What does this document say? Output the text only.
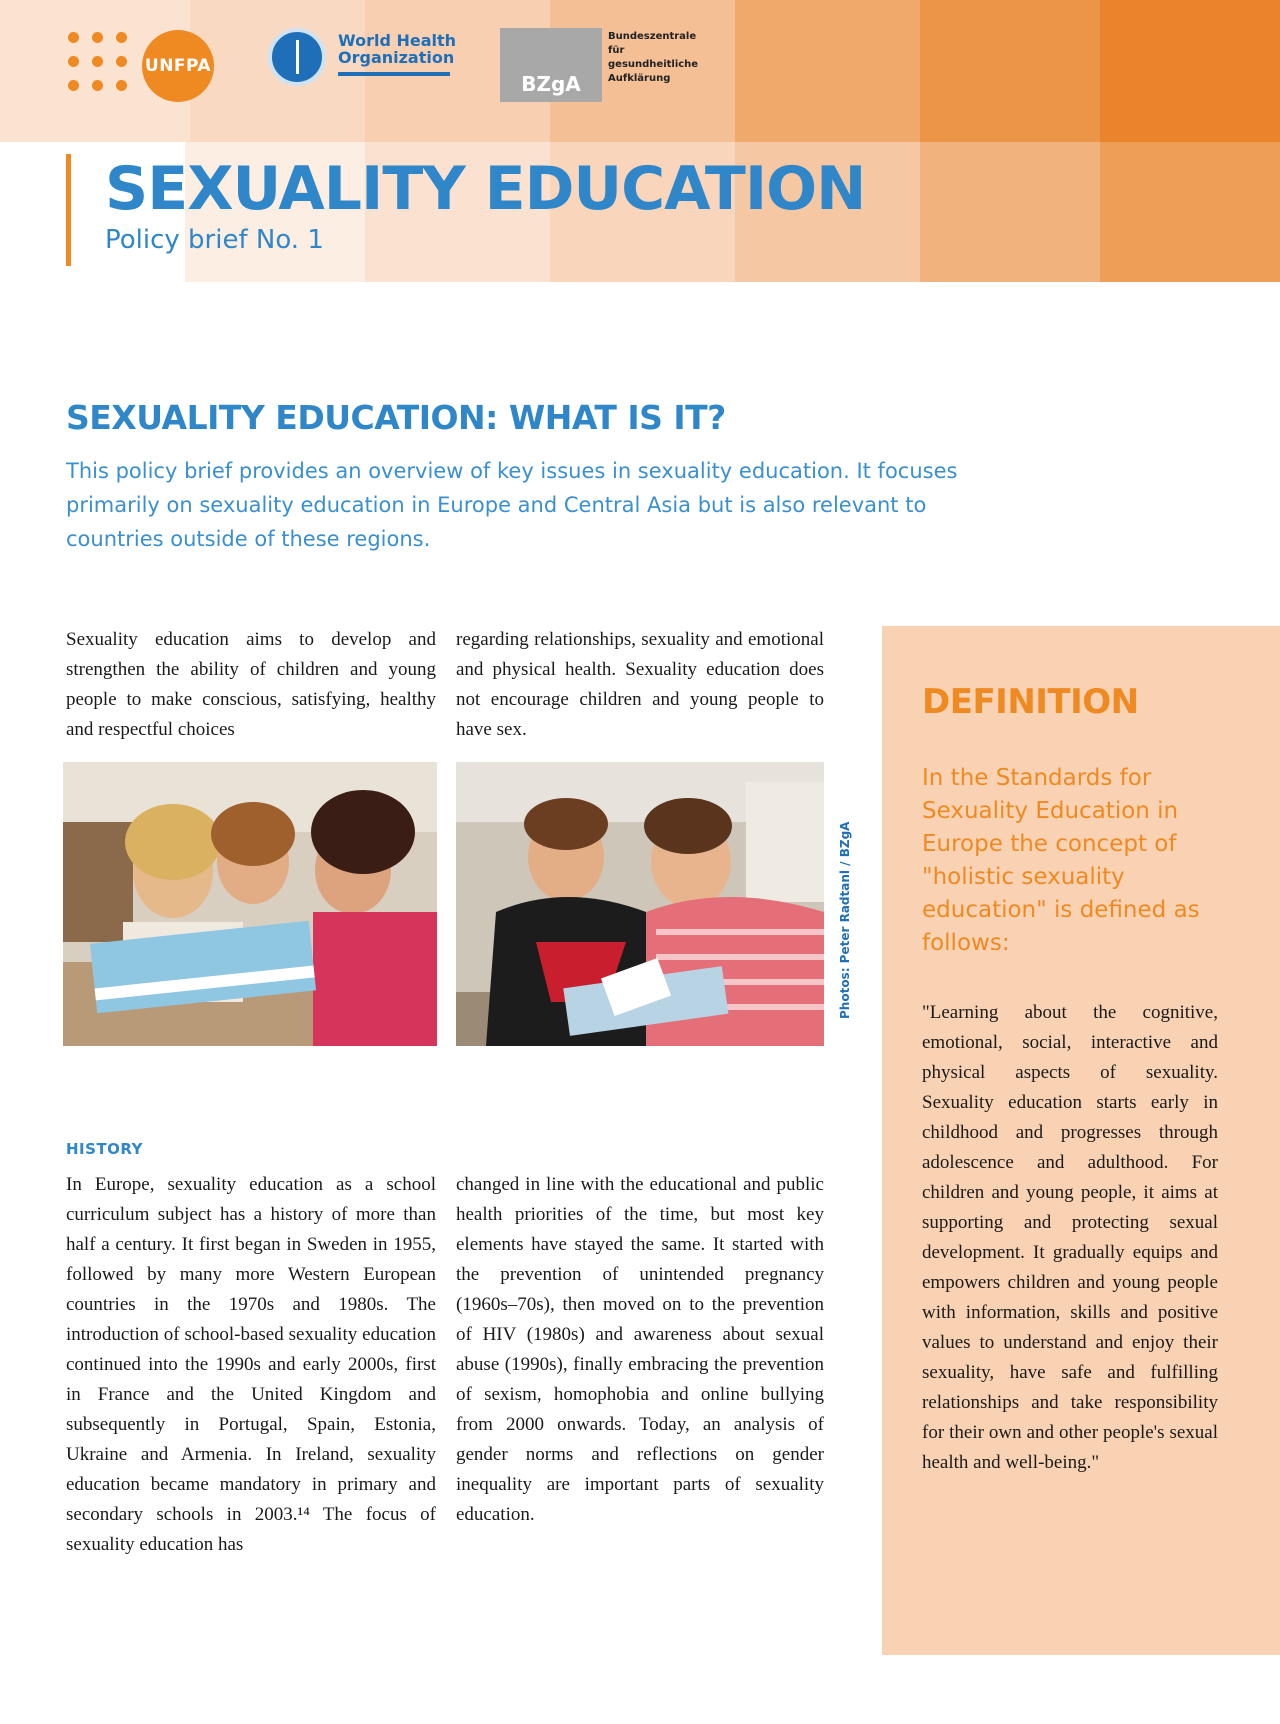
UNFPA
World Health Organization
BZgA
Bundeszentrale für gesundheitliche Aufklärung
SEXUALITY EDUCATION
Policy brief No. 1
SEXUALITY EDUCATION: WHAT IS IT?

This policy brief provides an overview of key issues in sexuality education. It focuses primarily on sexuality education in Europe and Central Asia but is also relevant to countries outside of these regions.

Sexuality education aims to develop and strengthen the ability of children and young people to make conscious, satisfying, healthy and respectful choices

regarding relationships, sexuality and emotional and physical health. Sexuality education does not encourage children and young people to have sex.

Photos: Peter Radtanl / BZgA
HISTORY

In Europe, sexuality education as a school curriculum subject has a history of more than half a century. It first began in Sweden in 1955, followed by many more Western European countries in the 1970s and 1980s. The introduction of school-based sexuality education continued into the 1990s and early 2000s, first in France and the United Kingdom and subsequently in Portugal, Spain, Estonia, Ukraine and Armenia. In Ireland, sexuality education became mandatory in primary and secondary schools in 2003.¹⁴ The focus of sexuality education has

changed in line with the educational and public health priorities of the time, but most key elements have stayed the same. It started with the prevention of unintended pregnancy (1960s–70s), then moved on to the prevention of HIV (1980s) and awareness about sexual abuse (1990s), finally embracing the prevention of sexism, homophobia and online bullying from 2000 onwards. Today, an analysis of gender norms and reflections on gender inequality are important parts of sexuality education.

DEFINITION

In the Standards for Sexuality Education in Europe the concept of "holistic sexuality education" is defined as follows:

"Learning about the cognitive, emotional, social, interactive and physical aspects of sexuality. Sexuality education starts early in childhood and progresses through adolescence and adulthood. For children and young people, it aims at supporting and protecting sexual development. It gradually equips and empowers children and young people with information, skills and positive values to understand and enjoy their sexuality, have safe and fulfilling relationships and take responsibility for their own and other people's sexual health and well-being."
